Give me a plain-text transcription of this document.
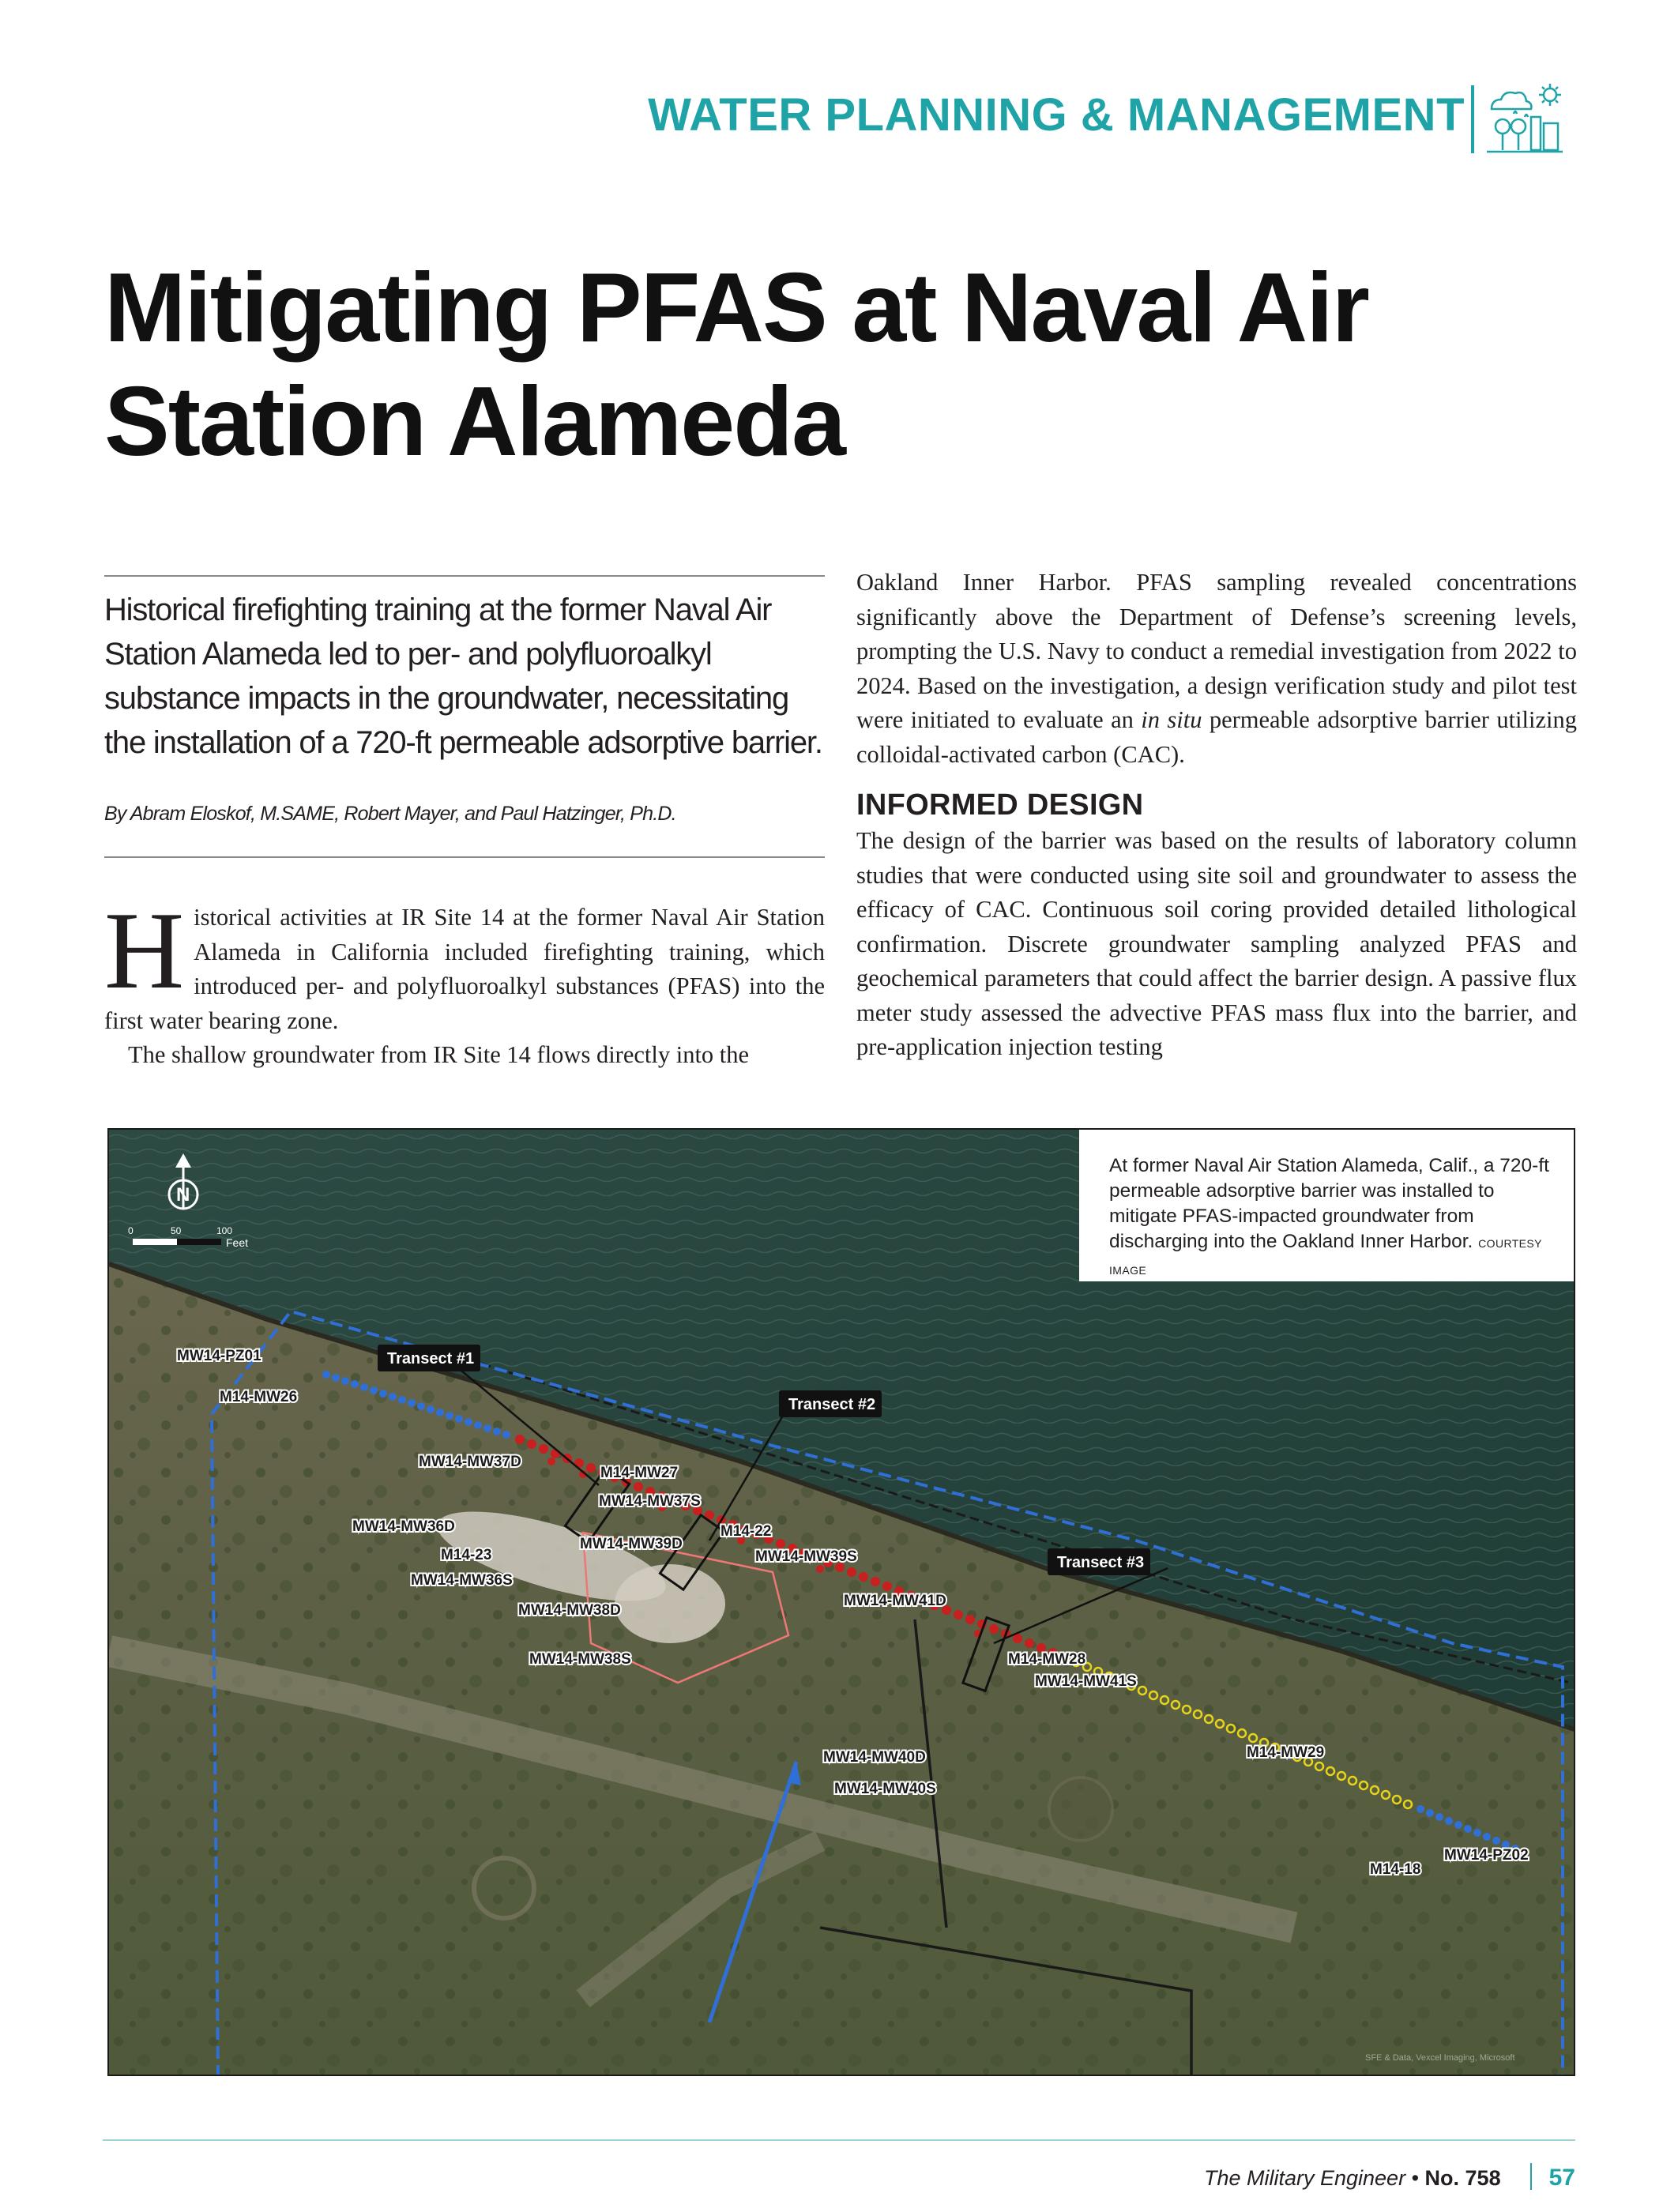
WATER PLANNING & MANAGEMENT
Mitigating PFAS at Naval Air
Station Alameda
Historical firefighting training at the former Naval Air Station Alameda led to per- and polyfluoroalkyl substance impacts in the groundwater, necessitating the installation of a 720-ft permeable adsorptive barrier.
By Abram Eloskof, M.SAME, Robert Mayer, and Paul Hatzinger, Ph.D.

Historical activities at IR Site 14 at the former Naval Air Station Alameda in California included firefighting training, which introduced per- and polyfluoroalkyl substances (PFAS) into the first water bearing zone.

The shallow groundwater from IR Site 14 flows directly into the

Oakland Inner Harbor. PFAS sampling revealed concentrations significantly above the Department of Defense’s screening levels, prompting the U.S. Navy to conduct a remedial investigation from 2022 to 2024. Based on the investigation, a design verification study and pilot test were initiated to evaluate an in situ permeable adsorptive barrier utilizing colloidal-activated carbon (CAC).

INFORMED DESIGN

The design of the barrier was based on the results of laboratory column studies that were conducted using site soil and groundwater to assess the efficacy of CAC. Continuous soil coring provided detailed lithological confirmation. Discrete groundwater sampling analyzed PFAS and geochemical parameters that could affect the barrier design. A passive flux meter study assessed the advective PFAS mass flux into the barrier, and pre-application injection testing

Transect #1
Transect #2
Transect #3
MW14-PZ01
M14-MW26
MW14-MW37D
M14-MW27
MW14-MW37S
MW14-MW36D	M14-22
MW14-MW39D
M14-23	MW14-MW39S
MW14-MW36S
MW14-MW41D
MW14-MW38D
M14-MW28
MW14-MW38S
MW14-MW41S
M14-MW29
MW14-MW40D
MW14-MW40S
MW14-PZ02
M14-18
N
0	50	100
Feet
SFE & Data, Vexcel Imaging, Microsoft
At former Naval Air Station Alameda, Calif., a 720-ft permeable adsorptive barrier was installed to mitigate PFAS-impacted groundwater from discharging into the Oakland Inner Harbor. COURTESY IMAGE
The Military Engineer • No. 758 57
